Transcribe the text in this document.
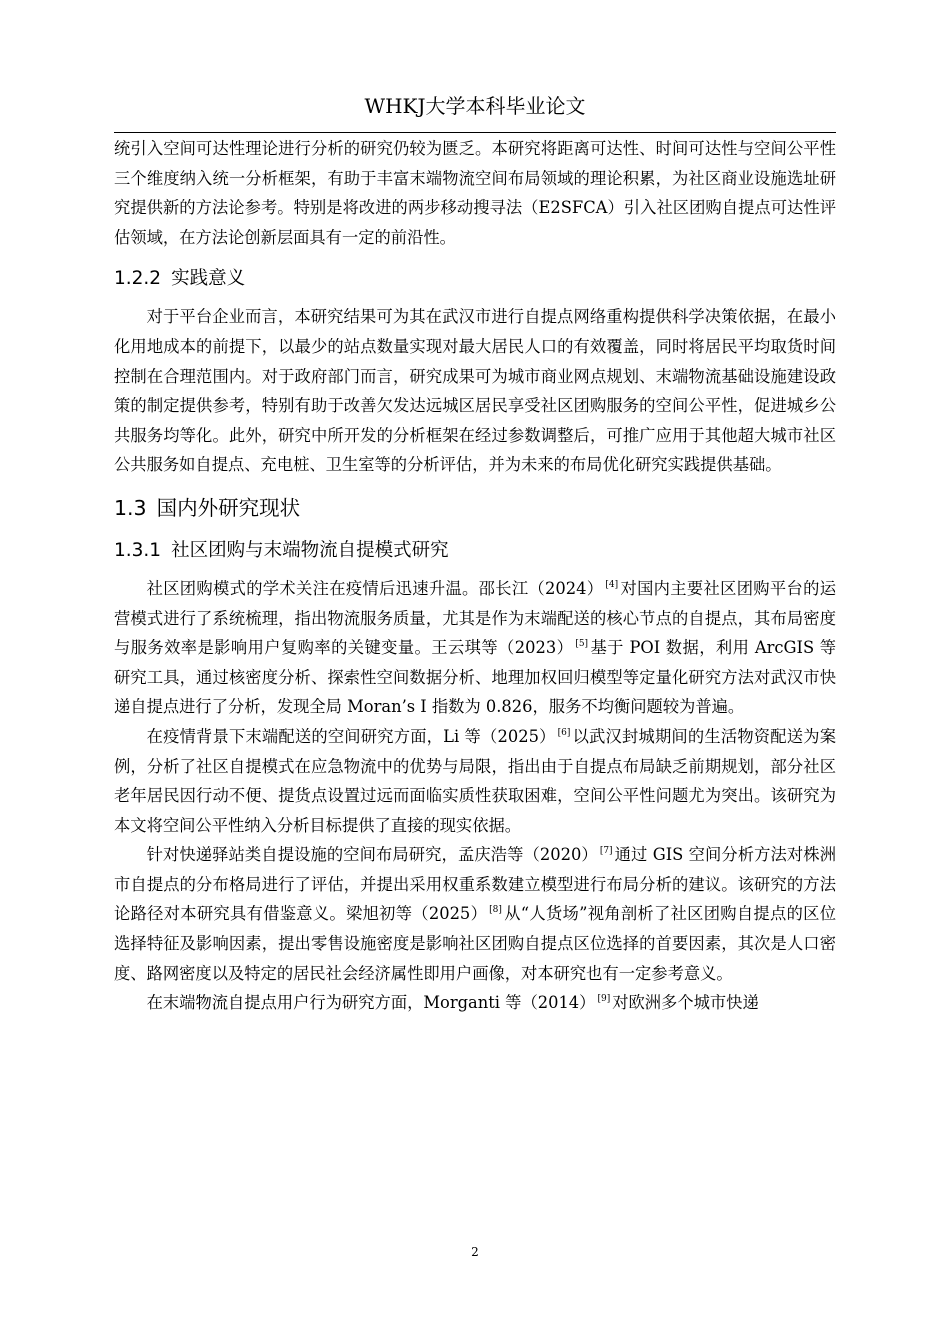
WHKJ大学本科毕业论文

统引入空间可达性理论进行分析的研究仍较为匮乏。本研究将距离可达性、时间可达性与空间公平性三个维度纳入统一分析框架，有助于丰富末端物流空间布局领域的理论积累，为社区商业设施选址研究提供新的方法论参考。特别是将改进的两步移动搜寻法（E2SFCA）引入社区团购自提点可达性评估领域，在方法论创新层面具有一定的前沿性。

1.2.2 实践意义

对于平台企业而言，本研究结果可为其在武汉市进行自提点网络重构提供科学决策依据，在最小化用地成本的前提下，以最少的站点数量实现对最大居民人口的有效覆盖，同时将居民平均取货时间控制在合理范围内。对于政府部门而言，研究成果可为城市商业网点规划、末端物流基础设施建设政策的制定提供参考，特别有助于改善欠发达远城区居民享受社区团购服务的空间公平性，促进城乡公共服务均等化。此外，研究中所开发的分析框架在经过参数调整后，可推广应用于其他超大城市社区公共服务如自提点、充电桩、卫生室等的分析评估，并为未来的布局优化研究实践提供基础。

1.3 国内外研究现状
1.3.1 社区团购与末端物流自提模式研究

社区团购模式的学术关注在疫情后迅速升温。邵长江（2024） [4] 对国内主要社区团购平台的运营模式进行了系统梳理，指出物流服务质量，尤其是作为末端配送的核心节点的自提点，其布局密度与服务效率是影响用户复购率的关键变量。王云琪等（2023） [5] 基于 POI 数据，利用 ArcGIS 等研究工具，通过核密度分析、探索性空间数据分析、地理加权回归模型等定量化研究方法对武汉市快递自提点进行了分析，发现全局 Moran’s I 指数为 0.826，服务不均衡问题较为普遍。

在疫情背景下末端配送的空间研究方面，Li 等（2025） [6] 以武汉封城期间的生活物资配送为案例，分析了社区自提模式在应急物流中的优势与局限，指出由于自提点布局缺乏前期规划，部分社区老年居民因行动不便、提货点设置过远而面临实质性获取困难，空间公平性问题尤为突出。该研究为本文将空间公平性纳入分析目标提供了直接的现实依据。

针对快递驿站类自提设施的空间布局研究，孟庆浩等（2020） [7] 通过 GIS 空间分析方法对株洲市自提点的分布格局进行了评估，并提出采用权重系数建立模型进行布局分析的建议。该研究的方法论路径对本研究具有借鉴意义。梁旭初等（2025） [8] 从“人货场”视角剖析了社区团购自提点的区位选择特征及影响因素，提出零售设施密度是影响社区团购自提点区位选择的首要因素，其次是人口密度、路网密度以及特定的居民社会经济属性即用户画像，对本研究也有一定参考意义。

在末端物流自提点用户行为研究方面，Morganti 等（2014） [9] 对欧洲多个城市快递

2
